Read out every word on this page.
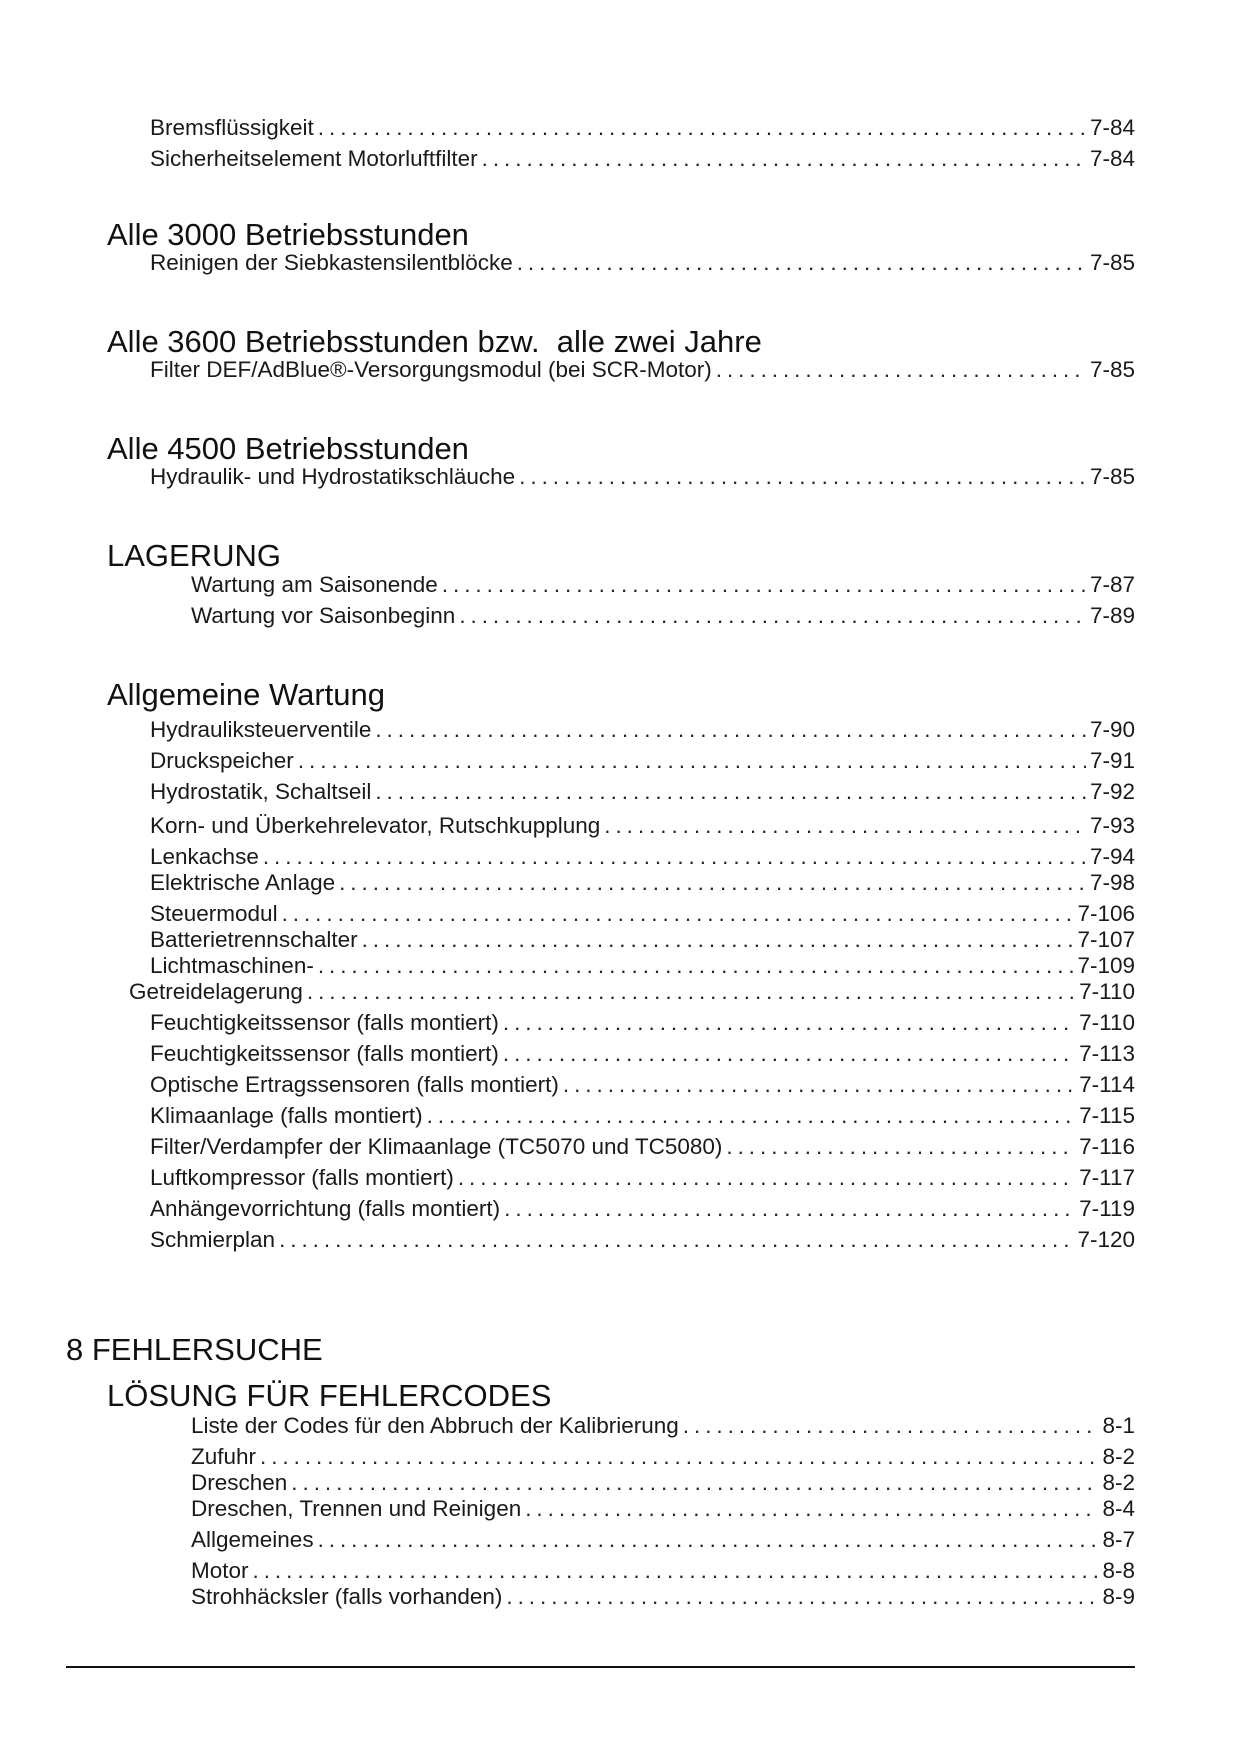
Bremsflüssigkeit . . .	7-84
Sicherheitselement Motorluftfilter . . .	7-84
Alle 3000 Betriebsstunden
Reinigen der Siebkastensilentblöcke . . .	7-85
Alle 3600 Betriebsstunden bzw.  alle zwei Jahre
Filter DEF/AdBlue®-Versorgungsmodul (bei SCR-Motor) . . .	7-85
Alle 4500 Betriebsstunden
Hydraulik- und Hydrostatikschläuche . . .	7-85
LAGERUNG
Wartung am Saisonende . . .	7-87
Wartung vor Saisonbeginn . . .	7-89
Allgemeine Wartung
Hydrauliksteuerventile . . .	7-90
Druckspeicher . . .	7-91
Hydrostatik, Schaltseil . . .	7-92
Korn- und Überkehrelevator, Rutschkupplung . . .	7-93
Lenkachse . . .	7-94
Elektrische Anlage . . .	7-98
Steuermodul . . .	7-106
Batterietrennschalter . . .	7-107
Lichtmaschinen- . . .	7-109
Getreidelagerung . . .	7-110
Feuchtigkeitssensor (falls montiert) . . .	7-110
Feuchtigkeitssensor (falls montiert) . . .	7-113
Optische Ertragssensoren (falls montiert) . . .	7-114
Klimaanlage (falls montiert) . . .	7-115
Filter/Verdampfer der Klimaanlage (TC5070 und TC5080) . . .	7-116
Luftkompressor (falls montiert) . . .	7-117
Anhängevorrichtung (falls montiert) . . .	7-119
Schmierplan . . .	7-120
8 FEHLERSUCHE
LÖSUNG FÜR FEHLERCODES
Liste der Codes für den Abbruch der Kalibrierung . . .	8-1
Zufuhr . . .	8-2
Dreschen . . .	8-2
Dreschen, Trennen und Reinigen . . .	8-4
Allgemeines . . .	8-7
Motor . . .	8-8
Strohhäcksler (falls vorhanden) . . .	8-9
